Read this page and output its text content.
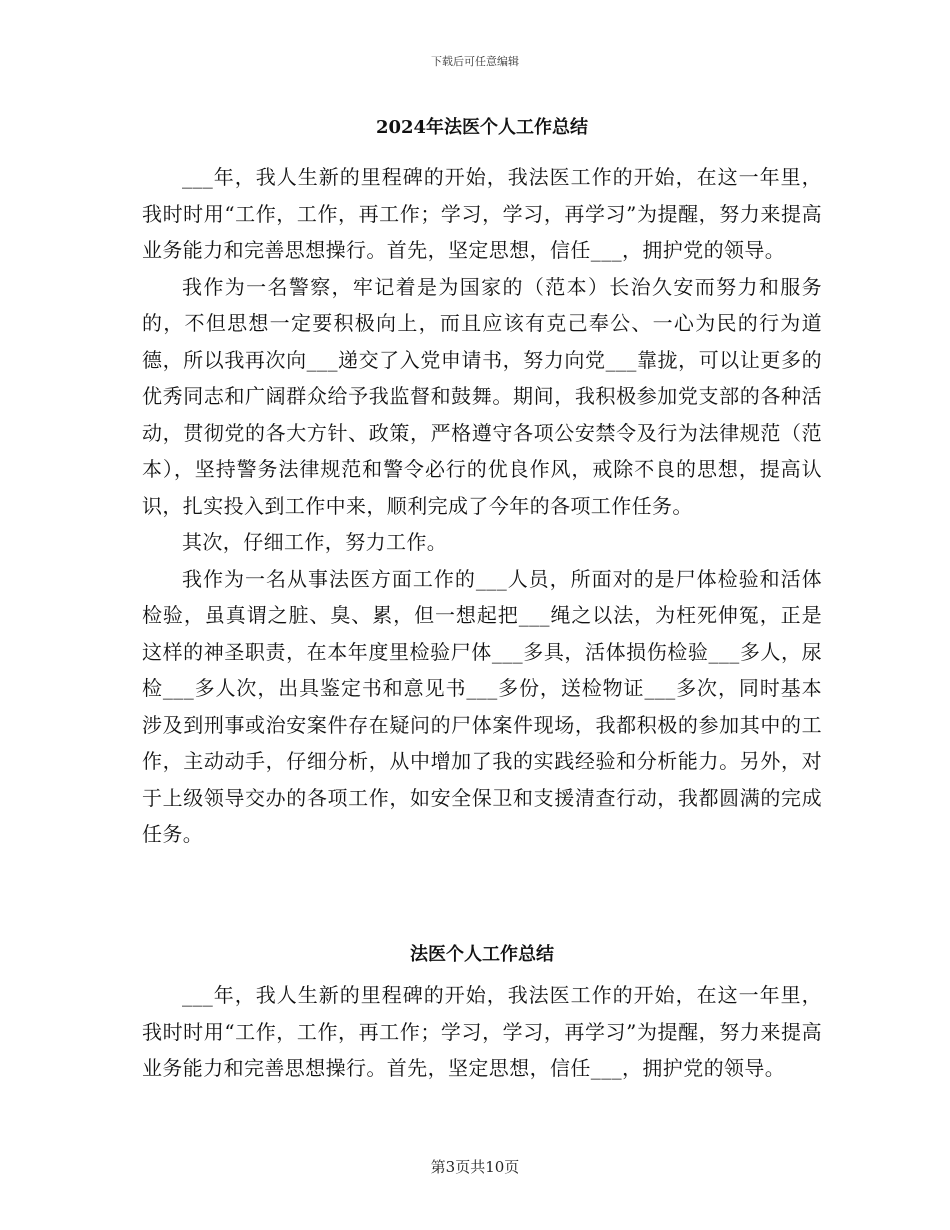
下载后可任意编辑
2024年法医个人工作总结

___年，我人生新的里程碑的开始，我法医工作的开始，在这一年里，我时时用“工作，工作，再工作；学习，学习，再学习”为提醒，努力来提高业务能力和完善思想操行。首先，坚定思想，信任___，拥护党的领导。

我作为一名警察，牢记着是为国家的（范本）长治久安而努力和服务的，不但思想一定要积极向上，而且应该有克己奉公、一心为民的行为道德，所以我再次向___递交了入党申请书，努力向党___靠拢，可以让更多的优秀同志和广阔群众给予我监督和鼓舞。期间，我积极参加党支部的各种活动，贯彻党的各大方针、政策，严格遵守各项公安禁令及行为法律规范（范本），坚持警务法律规范和警令必行的优良作风，戒除不良的思想，提高认识，扎实投入到工作中来，顺利完成了今年的各项工作任务。

其次，仔细工作，努力工作。

我作为一名从事法医方面工作的___人员，所面对的是尸体检验和活体检验，虽真谓之脏、臭、累，但一想起把___绳之以法，为枉死伸冤，正是这样的神圣职责，在本年度里检验尸体___多具，活体损伤检验___多人，尿检___多人次，出具鉴定书和意见书___多份，送检物证___多次，同时基本涉及到刑事或治安案件存在疑问的尸体案件现场，我都积极的参加其中的工作，主动动手，仔细分析，从中增加了我的实践经验和分析能力。另外，对于上级领导交办的各项工作，如安全保卫和支援清查行动，我都圆满的完成任务。

法医个人工作总结

___年，我人生新的里程碑的开始，我法医工作的开始，在这一年里，我时时用“工作，工作，再工作；学习，学习，再学习”为提醒，努力来提高业务能力和完善思想操行。首先，坚定思想，信任___，拥护党的领导。

第3页共10页
